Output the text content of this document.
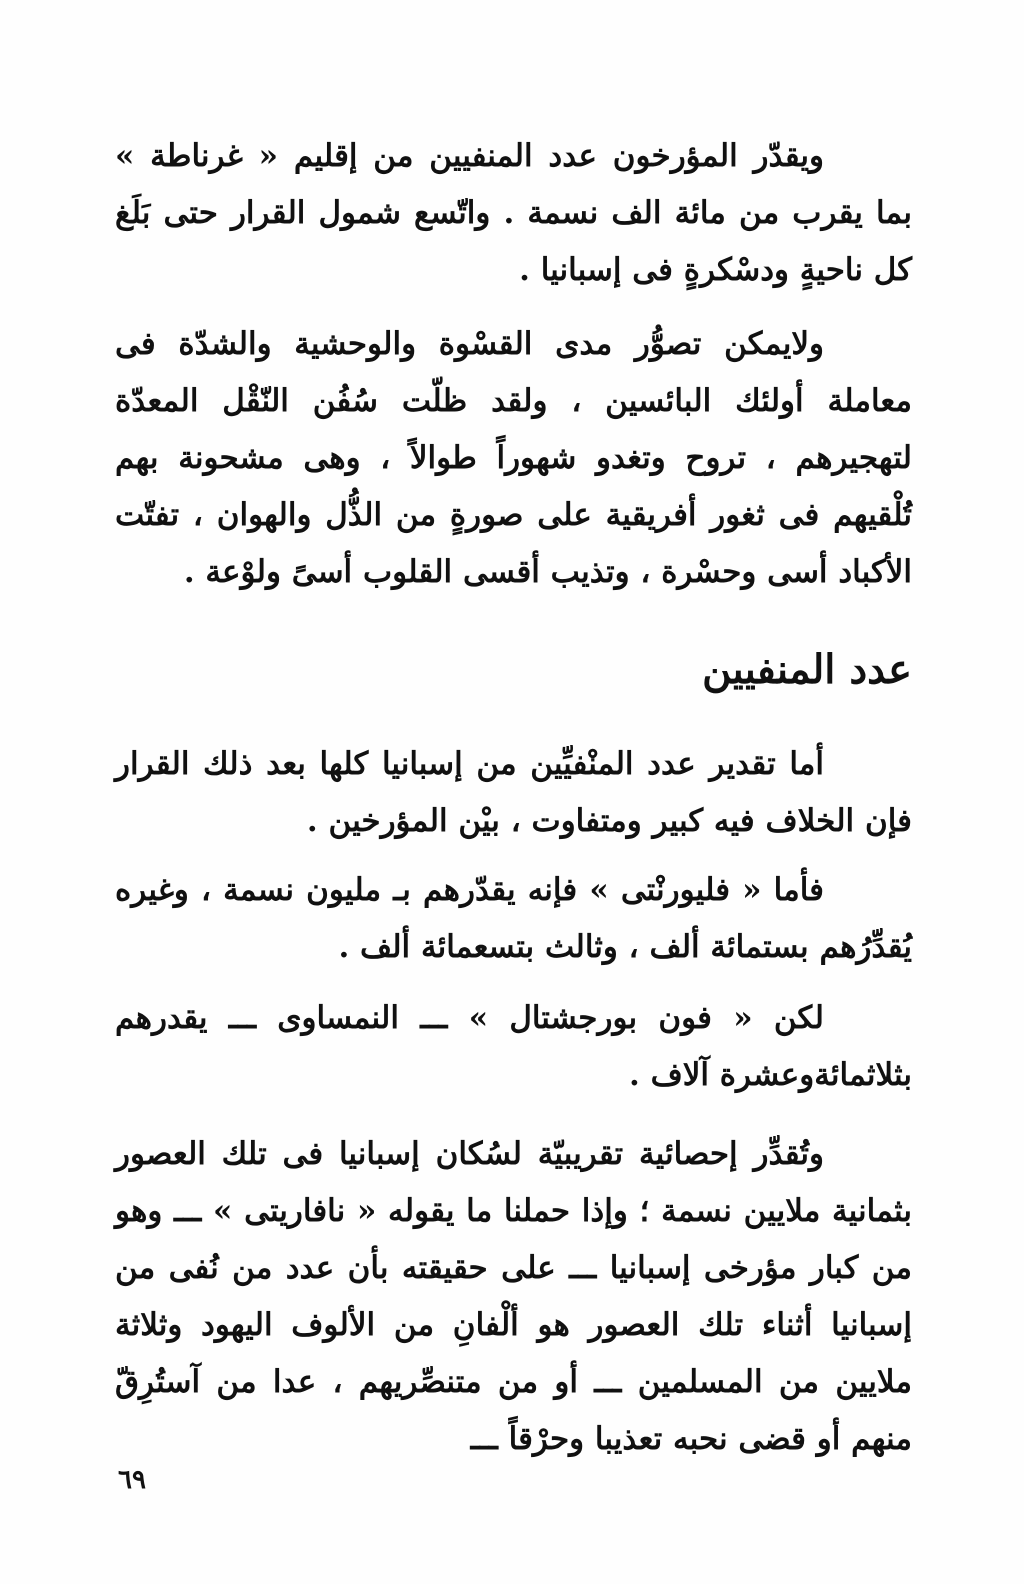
ويقدّر المؤرخون عدد المنفيين من إقليم « غرناطة » بما يقرب من مائة الف نسمة . واتّسع شمول القرار حتى بَلَغ كل ناحيةٍ ودسْكرةٍ فى إسبانيا .

ولايمكن تصوُّر مدى القسْوة والوحشية والشدّة فى معاملة أولئك البائسين ، ولقد ظلّت سُفُن النّقْل المعدّة لتهجيرهم ، تروح وتغدو شهوراً طوالاً ، وهى مشحونة بهم تُلْقيهم فى ثغور أفريقية على صورةٍ من الذُّل والهوان ، تفتّت الأكباد أسى وحسْرة ، وتذيب أقسى القلوب أسىً ولوْعة .

عدد المنفيين

أما تقدير عدد المنْفيِّين من إسبانيا كلها بعد ذلك القرار فإن الخلاف فيه كبير ومتفاوت ، بيْن المؤرخين .

فأما « فليورنْتى » فإنه يقدّرهم بـ مليون نسمة ، وغيره يُقدِّرُهم بستمائة ألف ، وثالث بتسعمائة ألف .

لكن « فون بورجشتال » ـــ النمساوى ـــ يقدرهم بثلاثمائةوعشرة آلاف .

وتُقدِّر إحصائية تقريبيّة لسُكان إسبانيا فى تلك العصور بثمانية ملايين نسمة ؛ وإذا حملنا ما يقوله « نافاريتى » ـــ وهو من كبار مؤرخى إسبانيا ـــ على حقيقته بأن عدد من نُفى من إسبانيا أثناء تلك العصور هو ألْفانِ من الألوف اليهود وثلاثة ملايين من المسلمين ـــ أو من متنصِّريهم ، عدا من آستُرِقّ منهم أو قضى نحبه تعذيبا وحرْقاً ـــ

٦٩
